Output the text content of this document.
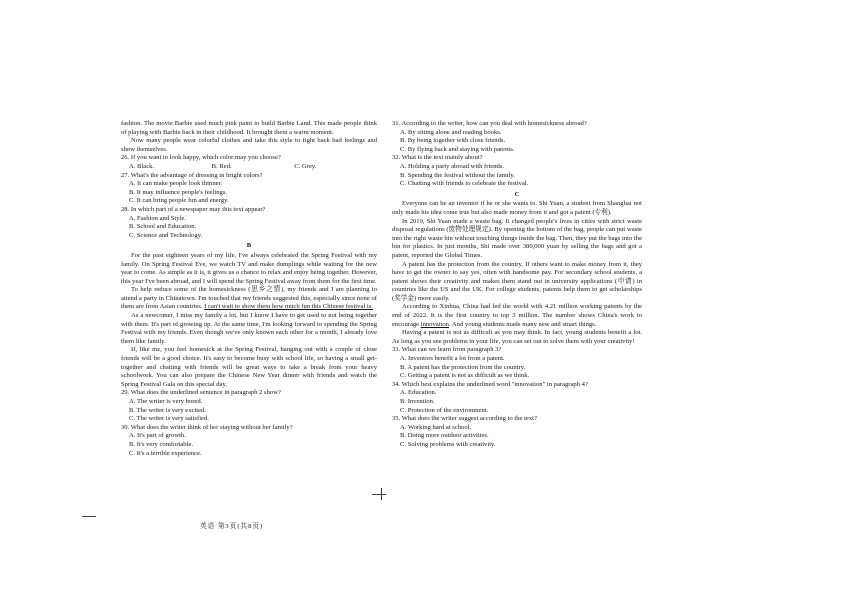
fashion. The movie Barbie used much pink paint to build Barbie Land. This made people think of playing with Barbie back in their childhood. It brought them a warm moment.

Now many people wear colorful clothes and take this style to fight back bad feelings and show themselves.

26. If you want to look happy, which color may you choose?

A. Black.	B. Red.	C. Grey.

27. What's the advantage of dressing in bright colors?

A. It can make people look thinner.

B. It may influence people's feelings.

C. It can bring people fun and energy.

28. In which part of a newspaper may this text appear?

A. Fashion and Style.

B. School and Education.

C. Science and Technology.

B

For the past eighteen years of my life, I've always celebrated the Spring Festival with my family. On Spring Festival Eve, we watch TV and make dumplings while waiting for the new year to come. As simple as it is, it gives us a chance to relax and enjoy being together. However, this year I've been abroad, and I will spend the Spring Festival away from them for the first time.

To help reduce some of the homesickness (思乡之情), my friends and I are planning to attend a party in Chinatown. I'm touched that my friends suggested this, especially since none of them are from Asian countries. I can't wait to show them how much fun this Chinese festival is.

As a newcomer, I miss my family a lot, but I know I have to get used to not being together with them. It's part of growing up. At the same time, I'm looking forward to spending the Spring Festival with my friends. Even though we've only known each other for a month, I already love them like family.

If, like me, you feel homesick at the Spring Festival, hanging out with a couple of close friends will be a good choice. It's easy to become busy with school life, so having a small get-together and chatting with friends will be great ways to take a break from your heavy schoolwork. You can also prepare the Chinese New Year dinner with friends and watch the Spring Festival Gala on this special day.

29. What does the underlined sentence in paragraph 2 show?

A. The writer is very bored.

B. The writer is very excited.

C. The writer is very satisfied.

30. What does the writer think of her staying without her family?

A. It's part of growth.

B. It's very comfortable.

C. It's a terrible experience.

31. According to the writer, how can you deal with homesickness abroad?

A. By sitting alone and reading books.

B. By being together with close friends.

C. By flying back and staying with parents.

32. What is the text mainly about?

A. Holding a party abroad with friends.

B. Spending the festival without the family.

C. Chatting with friends to celebrate the festival.

C

Everyone can be an inventor if he or she wants to. Shi Yuan, a student from Shanghai not only made his idea come true but also made money from it and got a patent (专利).

In 2019, Shi Yuan made a waste bag. It changed people's lives in cities with strict waste disposal regulations (废物处理规定). By opening the bottom of the bag, people can put waste into the right waste bin without touching things inside the bag. Then, they put the bags into the bin for plastics. In just months, Shi made over 380,000 yuan by selling the bags and got a patent, reported the Global Times.

A patent has the protection from the country. If others want to make money from it, they have to get the owner to say yes, often with handsome pay. For secondary school students, a patent shows their creativity and makes them stand out in university applications (申请) in countries like the US and the UK. For college students, patents help them to get scholarships (奖学金) more easily.

According to Xinhua, China had led the world with 4.21 million working patents by the end of 2022. It is the first country to top 3 million. The number shows China's work to encourage innovation. And young students made many new and smart things.

Having a patent is not as difficult as you may think. In fact, young students benefit a lot. As long as you see problems in your life, you can set out to solve them with your creativity!

33. What can we learn from paragraph 3?

A. Inventors benefit a lot from a patent.

B. A patent has the protection from the country.

C. Getting a patent is not as difficult as we think.

34. Which best explains the underlined word "innovation" in paragraph 4?

A. Education.

B. Invention.

C. Protection of the environment.

35. What does the writer suggest according to the text?

A. Working hard at school.

B. Doing more outdoor activities.

C. Solving problems with creativity.

英语 第3页(共8页)
